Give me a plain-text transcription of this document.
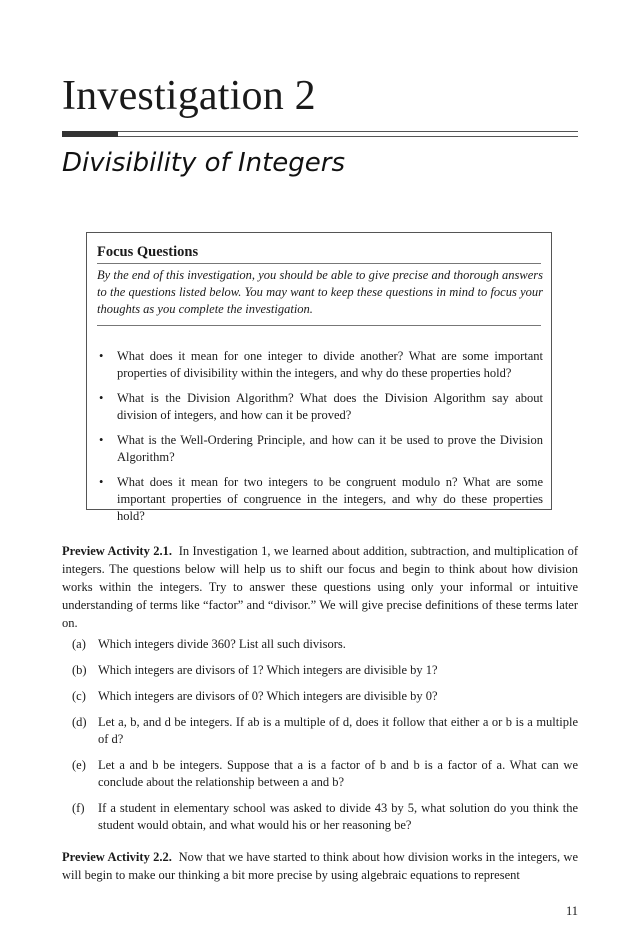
Investigation 2
Divisibility of Integers
Focus Questions
By the end of this investigation, you should be able to give precise and thorough answers to the questions listed below. You may want to keep these questions in mind to focus your thoughts as you complete the investigation.
• What does it mean for one integer to divide another? What are some important properties of divisibility within the integers, and why do these properties hold?
• What is the Division Algorithm? What does the Division Algorithm say about division of integers, and how can it be proved?
• What is the Well-Ordering Principle, and how can it be used to prove the Division Algorithm?
• What does it mean for two integers to be congruent modulo n? What are some important properties of congruence in the integers, and why do these properties hold?

Preview Activity 2.1. In Investigation 1, we learned about addition, subtraction, and multiplication of integers. The questions below will help us to shift our focus and begin to think about how division works within the integers. Try to answer these questions using only your informal or intuitive understanding of terms like “factor” and “divisor.” We will give precise definitions of these terms later on.

(a) Which integers divide 360? List all such divisors.
(b) Which integers are divisors of 1? Which integers are divisible by 1?
(c) Which integers are divisors of 0? Which integers are divisible by 0?
(d) Let a, b, and d be integers. If ab is a multiple of d, does it follow that either a or b is a multiple of d?
(e) Let a and b be integers. Suppose that a is a factor of b and b is a factor of a. What can we conclude about the relationship between a and b?
(f) If a student in elementary school was asked to divide 43 by 5, what solution do you think the student would obtain, and what would his or her reasoning be?

Preview Activity 2.2. Now that we have started to think about how division works in the integers, we will begin to make our thinking a bit more precise by using algebraic equations to represent

11
